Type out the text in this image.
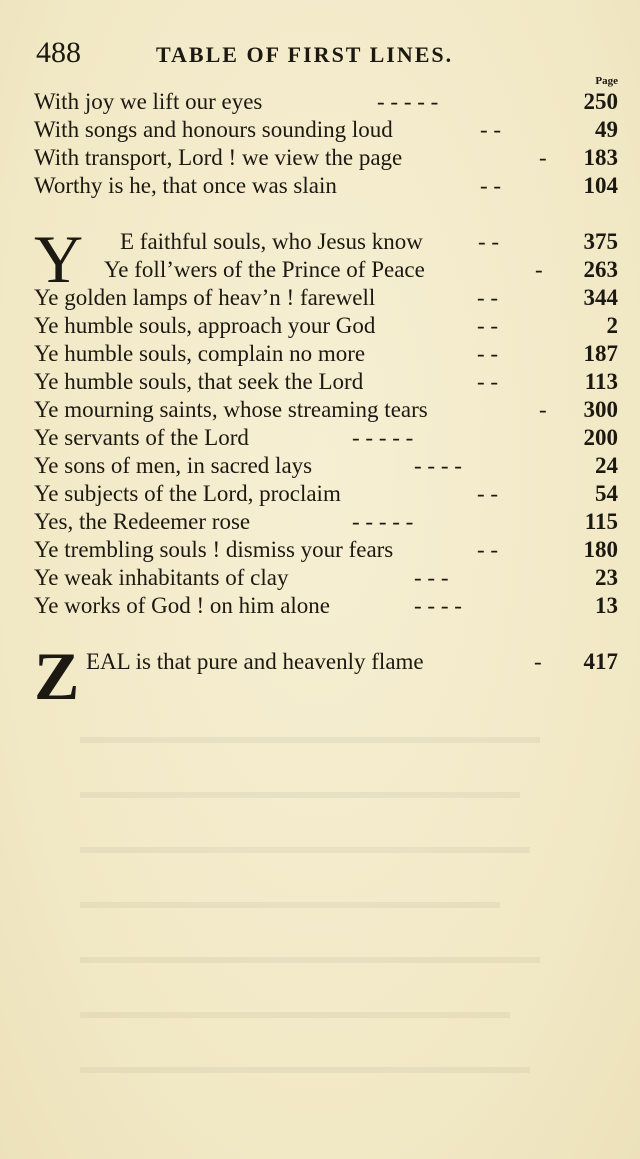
488	TABLE OF FIRST LINES.
Page
With joy we lift our eyes	- - - - -	250
With songs and honours sounding loud	- -	49
With transport, Lord ! we view the page	- 183
Worthy is he, that once was slain	- -	104
Y E faithful souls, who Jesus know - -	375
Ye foll’wers of the Prince of Peace	- 263
Ye golden lamps of heav’n ! farewell	- -	344
Ye humble souls, approach your God	- -	2
Ye humble souls, complain no more	- -	187
Ye humble souls, that seek the Lord	- -	113
Ye mourning saints, whose streaming tears	- 300
Ye servants of the Lord	- - - - -	200
Ye sons of men, in sacred lays	- - - -	24
Ye subjects of the Lord, proclaim	- -	54
Yes, the Redeemer rose	- - - - -	115
Ye trembling souls ! dismiss your fears	- -	180
Ye weak inhabitants of clay	- - -	23
Ye works of God ! on him alone	- - - -	13
Z EAL is that pure and heavenly flame	- 417
